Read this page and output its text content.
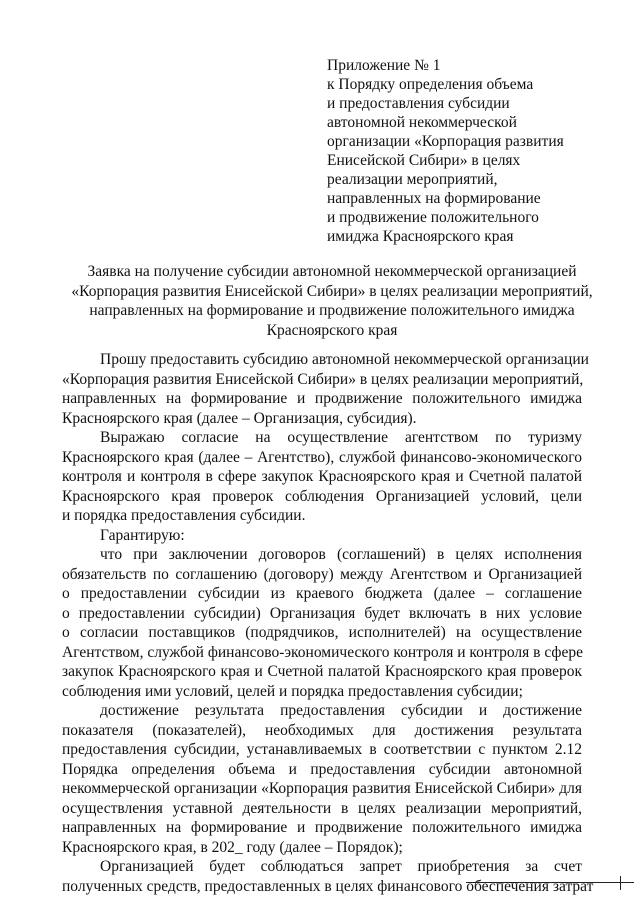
Приложение № 1
к Порядку определения объема
и предоставления субсидии
автономной некоммерческой
организации «Корпорация развития
Енисейской Сибири» в целях
реализации мероприятий,
направленных на формирование
и продвижение положительного
имиджа Красноярского края
Заявка на получение субсидии автономной некоммерческой организацией
«Корпорация развития Енисейской Сибири» в целях реализации мероприятий,
направленных на формирование и продвижение положительного имиджа
Красноярского края
Прошу предоставить субсидию автономной некоммерческой организации
«Корпорация развития Енисейской Сибири» в целях реализации мероприятий,
направленных на формирование и продвижение положительного имиджа
Красноярского края (далее – Организация, субсидия).
Выражаю согласие на осуществление агентством по туризму
Красноярского края (далее – Агентство), службой финансово-экономического
контроля и контроля в сфере закупок Красноярского края и Счетной палатой
Красноярского края проверок соблюдения Организацией условий, цели
и порядка предоставления субсидии.
Гарантирую:
что при заключении договоров (соглашений) в целях исполнения
обязательств по соглашению (договору) между Агентством и Организацией
о предоставлении субсидии из краевого бюджета (далее – соглашение
о предоставлении субсидии) Организация будет включать в них условие
о согласии поставщиков (подрядчиков, исполнителей) на осуществление
Агентством, службой финансово-экономического контроля и контроля в сфере
закупок Красноярского края и Счетной палатой Красноярского края проверок
соблюдения ими условий, целей и порядка предоставления субсидии;
достижение результата предоставления субсидии и достижение
показателя (показателей), необходимых для достижения результата
предоставления субсидии, устанавливаемых в соответствии с пунктом 2.12
Порядка определения объема и предоставления субсидии автономной
некоммерческой организации «Корпорация развития Енисейской Сибири» для
осуществления уставной деятельности в целях реализации мероприятий,
направленных на формирование и продвижение положительного имиджа
Красноярского края, в 202_ году (далее – Порядок);
Организацией будет соблюдаться запрет приобретения за счет
полученных средств, предоставленных в целях финансового обеспечения затрат
